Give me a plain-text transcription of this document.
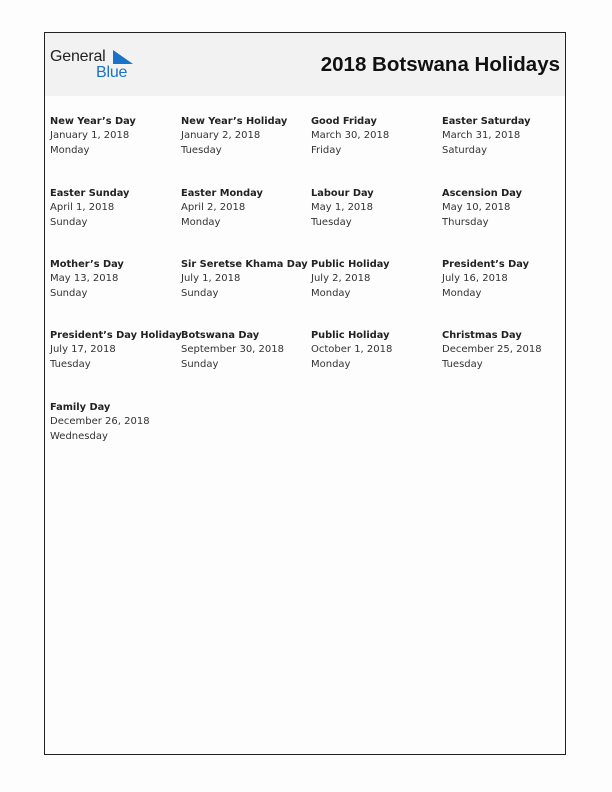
General
Blue	2018 Botswana Holidays
New Year’s Day
January 1, 2018
Monday
New Year’s Holiday
January 2, 2018
Tuesday
Good Friday
March 30, 2018
Friday
Easter Saturday
March 31, 2018
Saturday
Easter Sunday
April 1, 2018
Sunday
Easter Monday
April 2, 2018
Monday
Labour Day
May 1, 2018
Tuesday
Ascension Day
May 10, 2018
Thursday
Mother’s Day
May 13, 2018
Sunday
Sir Seretse Khama Day
July 1, 2018
Sunday
Public Holiday
July 2, 2018
Monday
President’s Day
July 16, 2018
Monday
President’s Day Holiday
July 17, 2018
Tuesday
Botswana Day
September 30, 2018
Sunday
Public Holiday
October 1, 2018
Monday
Christmas Day
December 25, 2018
Tuesday
Family Day
December 26, 2018
Wednesday
